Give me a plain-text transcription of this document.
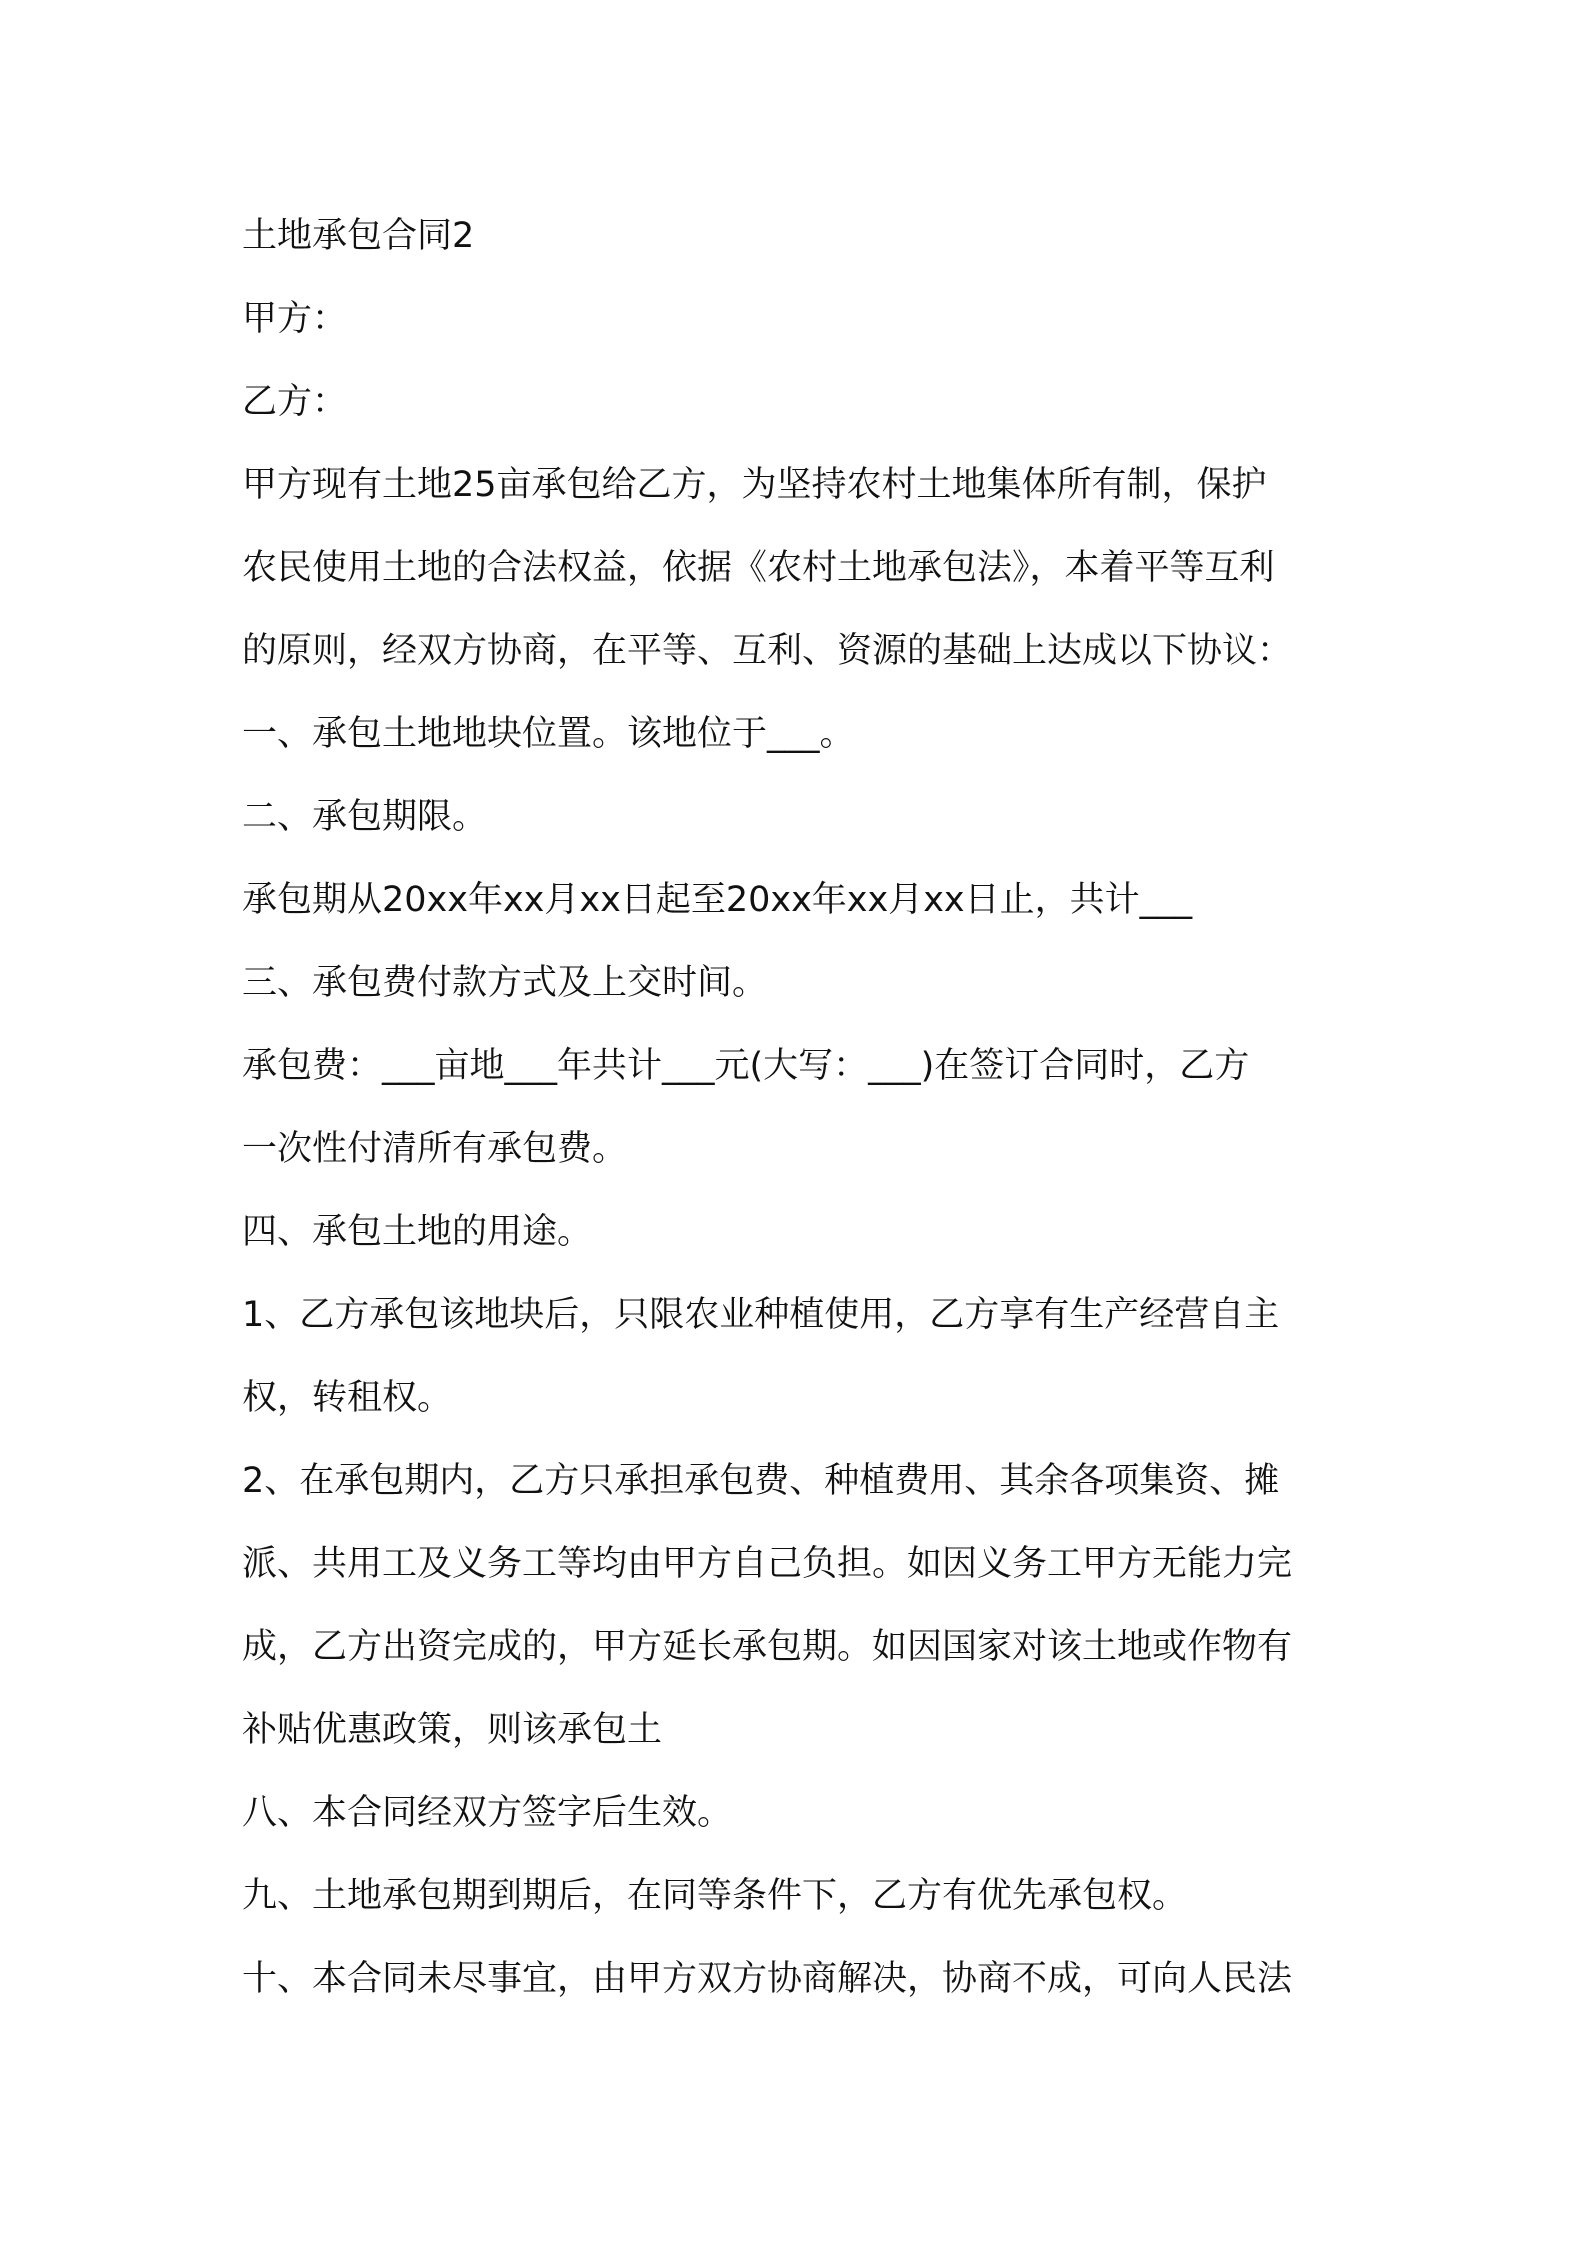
土地承包合同2

甲方：

乙方：

甲方现有土地25亩承包给乙方，为坚持农村土地集体所有制，保护

农民使用土地的合法权益，依据《农村土地承包法》，本着平等互利

的原则，经双方协商，在平等、互利、资源的基础上达成以下协议：

一、承包土地地块位置。该地位于___。

二、承包期限。

承包期从20xx年xx月xx日起至20xx年xx月xx日止，共计___

三、承包费付款方式及上交时间。

承包费：___亩地___年共计___元(大写：___)在签订合同时，乙方

一次性付清所有承包费。

四、承包土地的用途。

1、乙方承包该地块后，只限农业种植使用，乙方享有生产经营自主

权，转租权。

2、在承包期内，乙方只承担承包费、种植费用、其余各项集资、摊

派、共用工及义务工等均由甲方自己负担。如因义务工甲方无能力完

成，乙方出资完成的，甲方延长承包期。如因国家对该土地或作物有

补贴优惠政策，则该承包土

八、本合同经双方签字后生效。

九、土地承包期到期后，在同等条件下，乙方有优先承包权。

十、本合同未尽事宜，由甲方双方协商解决，协商不成，可向人民法
